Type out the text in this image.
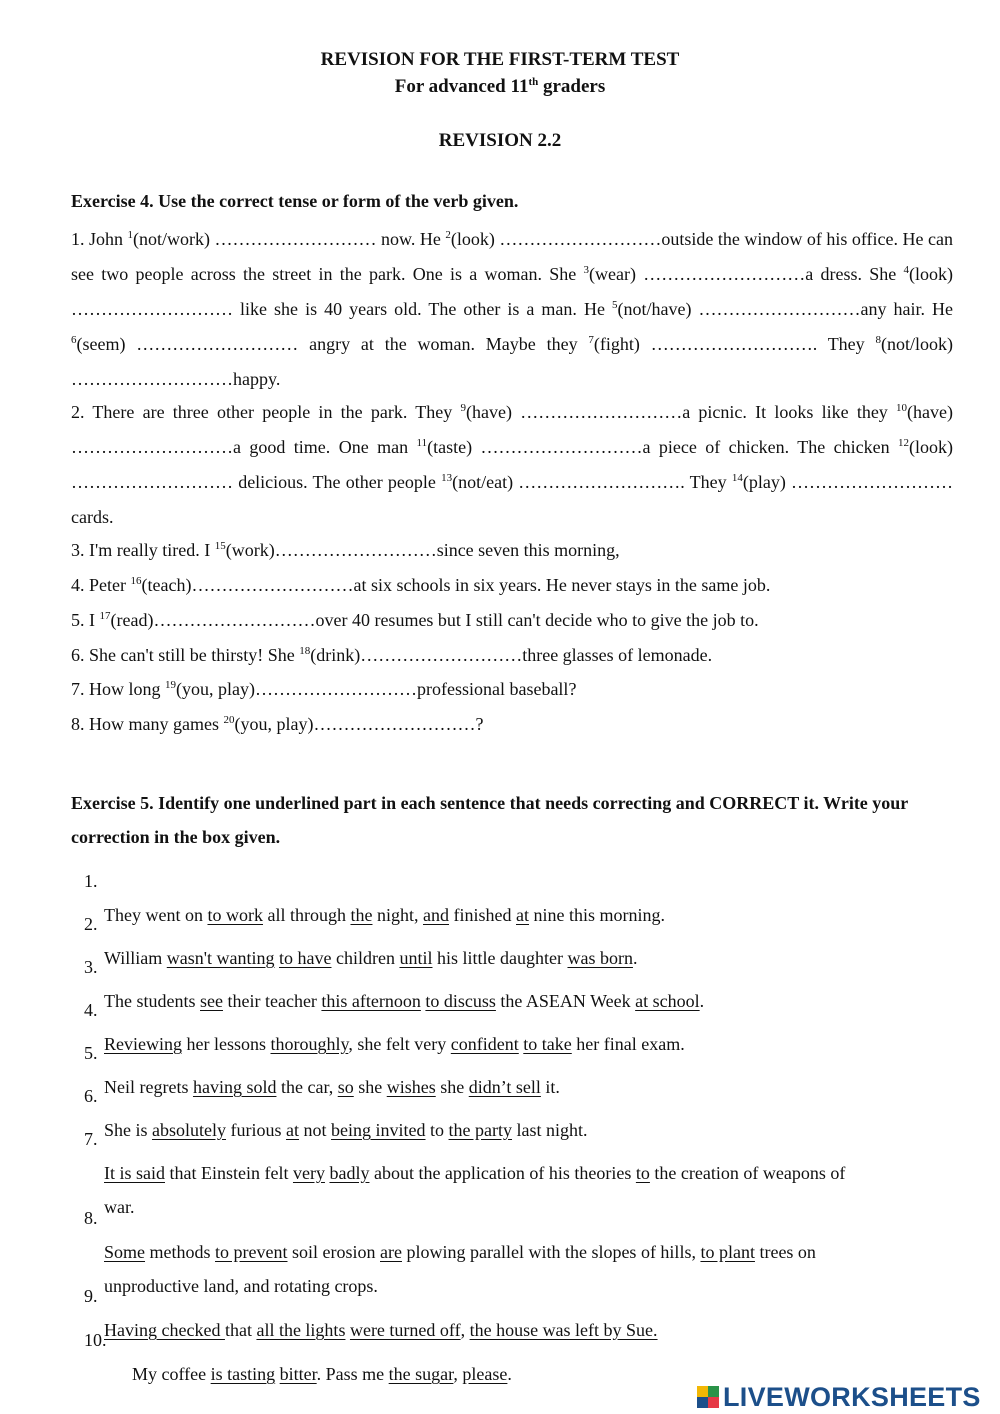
REVISION FOR THE FIRST-TERM TEST
For advanced 11th graders
REVISION 2.2
Exercise 4. Use the correct tense or form of the verb given.

1. John $^1$(not/work) ……………………… now. He $^2$(look) ………………………outside the window of his office. He can see two people across the street in the park. One is a woman. She $^3$(wear) ………………………a dress. She $^4$(look) ……………………… like she is 40 years old. The other is a man. He $^5$(not/have) ………………………any hair. He $^6$(seem) ……………………… angry at the woman. Maybe they $^7$(fight) ………………………. They $^8$(not/look) ………………………happy.

2. There are three other people in the park. They $^9$(have) ………………………a picnic. It looks like they $^{10}$(have) ………………………a good time. One man $^{11}$(taste) ………………………a piece of chicken. The chicken $^{12}$(look) ……………………… delicious. The other people $^{13}$(not/eat) ………………………. They $^{14}$(play) ……………………… cards.

3. I'm really tired. I $^{15}$(work)………………………since seven this morning,

4. Peter $^{16}$(teach)………………………at six schools in six years. He never stays in the same job.

5. I $^{17}$(read)………………………over 40 resumes but I still can't decide who to give the job to.

6. She can't still be thirsty! She $^{18}$(drink)………………………three glasses of lemonade.

7. How long $^{19}$(you, play)………………………professional baseball?

8. How many games $^{20}$(you, play)………………………?

Exercise 5. Identify one underlined part in each sentence that needs correcting and CORRECT it. Write your correction in the box given.
1.
They went on to work all through the night, and finished at nine this morning.
2.
William wasn't wanting to have children until his little daughter was born.
3.
The students see their teacher this afternoon to discuss the ASEAN Week at school.
4.
Reviewing her lessons thoroughly, she felt very confident to take her final exam.
5.
Neil regrets having sold the car, so she wishes she didn’t sell it.
6.
She is absolutely furious at not being invited to the party last night.
7.
It is said that Einstein felt very badly about the application of his theories to the creation of weapons of
war.
8.
Some methods to prevent soil erosion are plowing parallel with the slopes of hills, to plant trees on
unproductive land, and rotating crops.
9.
Having checked that all the lights were turned off, the house was left by Sue.
10.
My coffee is tasting bitter. Pass me the sugar, please.
LIVEWORKSHEETS
